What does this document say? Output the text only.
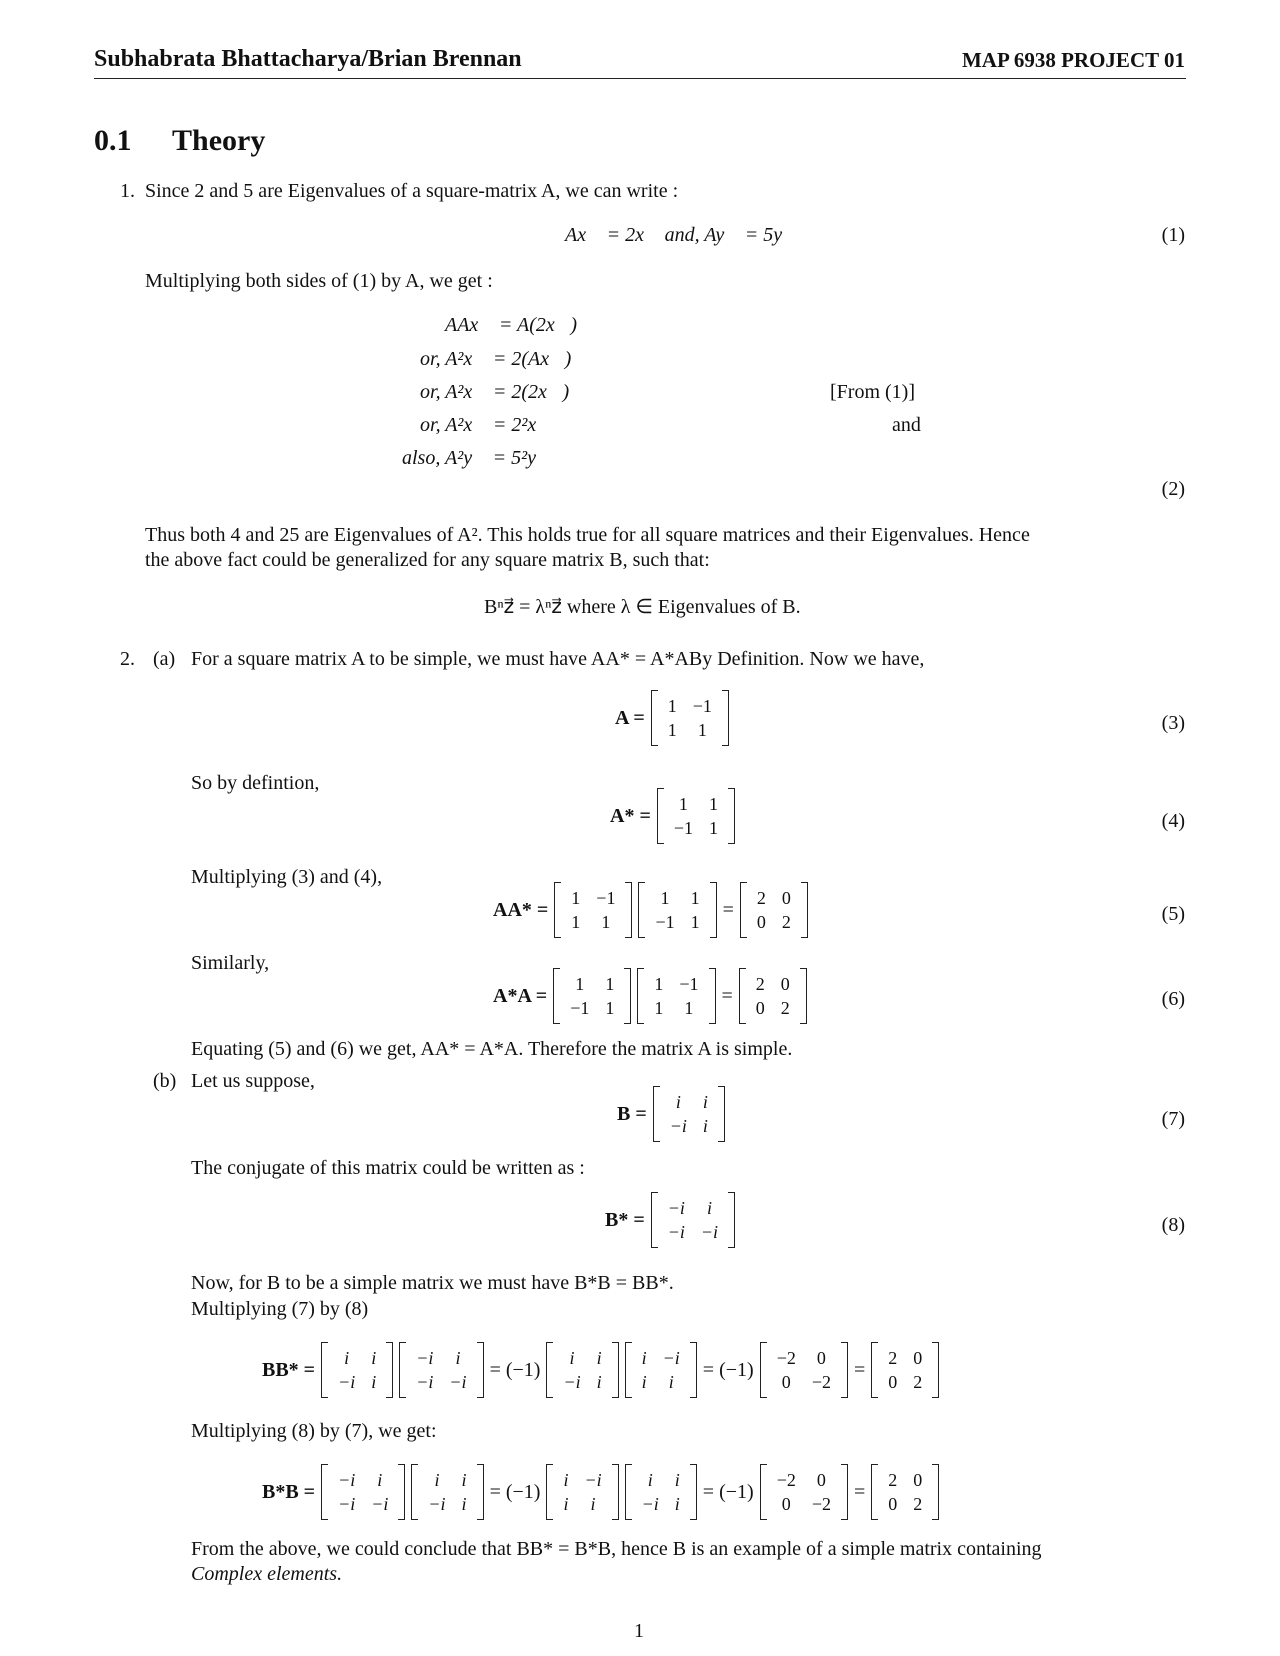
Subhabrata Bhattacharya/Brian Brennan	MAP 6938 PROJECT 01
0.1 Theory
1. Since 2 and 5 are Eigenvalues of a square-matrix A, we can write :
Ax⃗ = 2x⃗ and, Ay⃗ = 5y⃗	(1)
Multiplying both sides of (1) by A, we get :
AAx⃗ = A(2x⃗)
or, A²x⃗ = 2(Ax⃗)
or, A²x⃗ = 2(2x⃗)
or, A²x⃗ = 2²x⃗
also, A²y⃗ = 5²y⃗
[From (1)]
and
(2)
Thus both 4 and 25 are Eigenvalues of A². This holds true for all square matrices and their Eigenvalues. Hence
the above fact could be generalized for any square matrix B, such that:
Bⁿz⃗ = λⁿz⃗ where λ ∈ Eigenvalues of B.
2. (a) For a square matrix A to be simple, we must have AA* = A*ABy Definition. Now we have,
A =
1	−1
1	1	(3)
So by defintion,
A* =
1	1
−1	1	(4)
Multiplying (3) and (4),
AA* =
1	−1
1	1
1	1
−1	1
=
2	0
0	2	(5)
Similarly,
A*A =
1	1
−1	1
1	−1
1	1
=
2	0
0	2	(6)
Equating (5) and (6) we get, AA* = A*A. Therefore the matrix A is simple.
(b) Let us suppose,
B =
i	i
−i	i	(7)
The conjugate of this matrix could be written as :
B* =
−i	i
−i	−i	(8)
Now, for B to be a simple matrix we must have B*B = BB*.
Multiplying (7) by (8)
BB* =
i	i
−i	i
−i	i
−i	−i
= (−1)
i	i
−i	i
i	−i
i	i
= (−1)
−2	0
0	−2
=
2	0
0	2
Multiplying (8) by (7), we get:
B*B =
−i	i
−i	−i
i	i
−i	i
= (−1)
i	−i
i	i
i	i
−i	i
= (−1)
−2	0
0	−2
=
2	0
0	2
From the above, we could conclude that BB* = B*B, hence B is an example of a simple matrix containing
Complex elements.
1
